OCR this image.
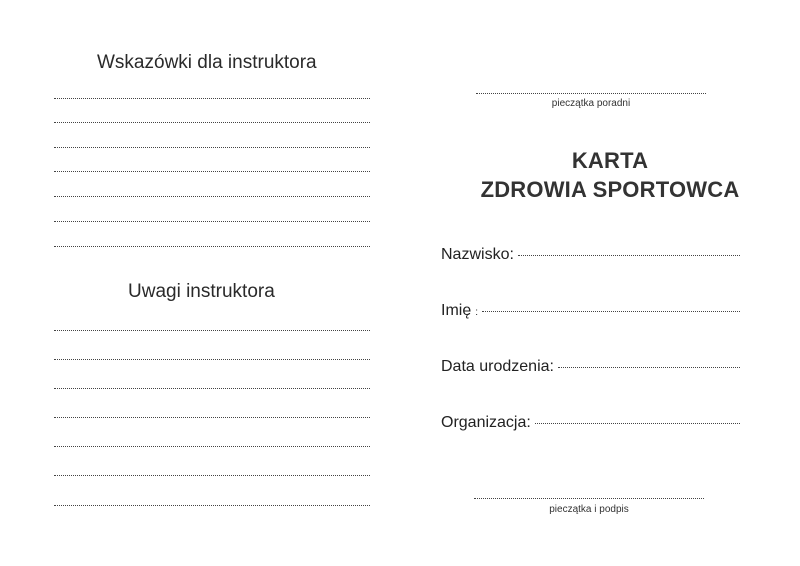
Wskazówki dla instruktora
Uwagi instruktora
pieczątka poradni
KARTA
ZDROWIA SPORTOWCA
Nazwisko:
Imię :
Data urodzenia:
Organizacja:
pieczątka i podpis
